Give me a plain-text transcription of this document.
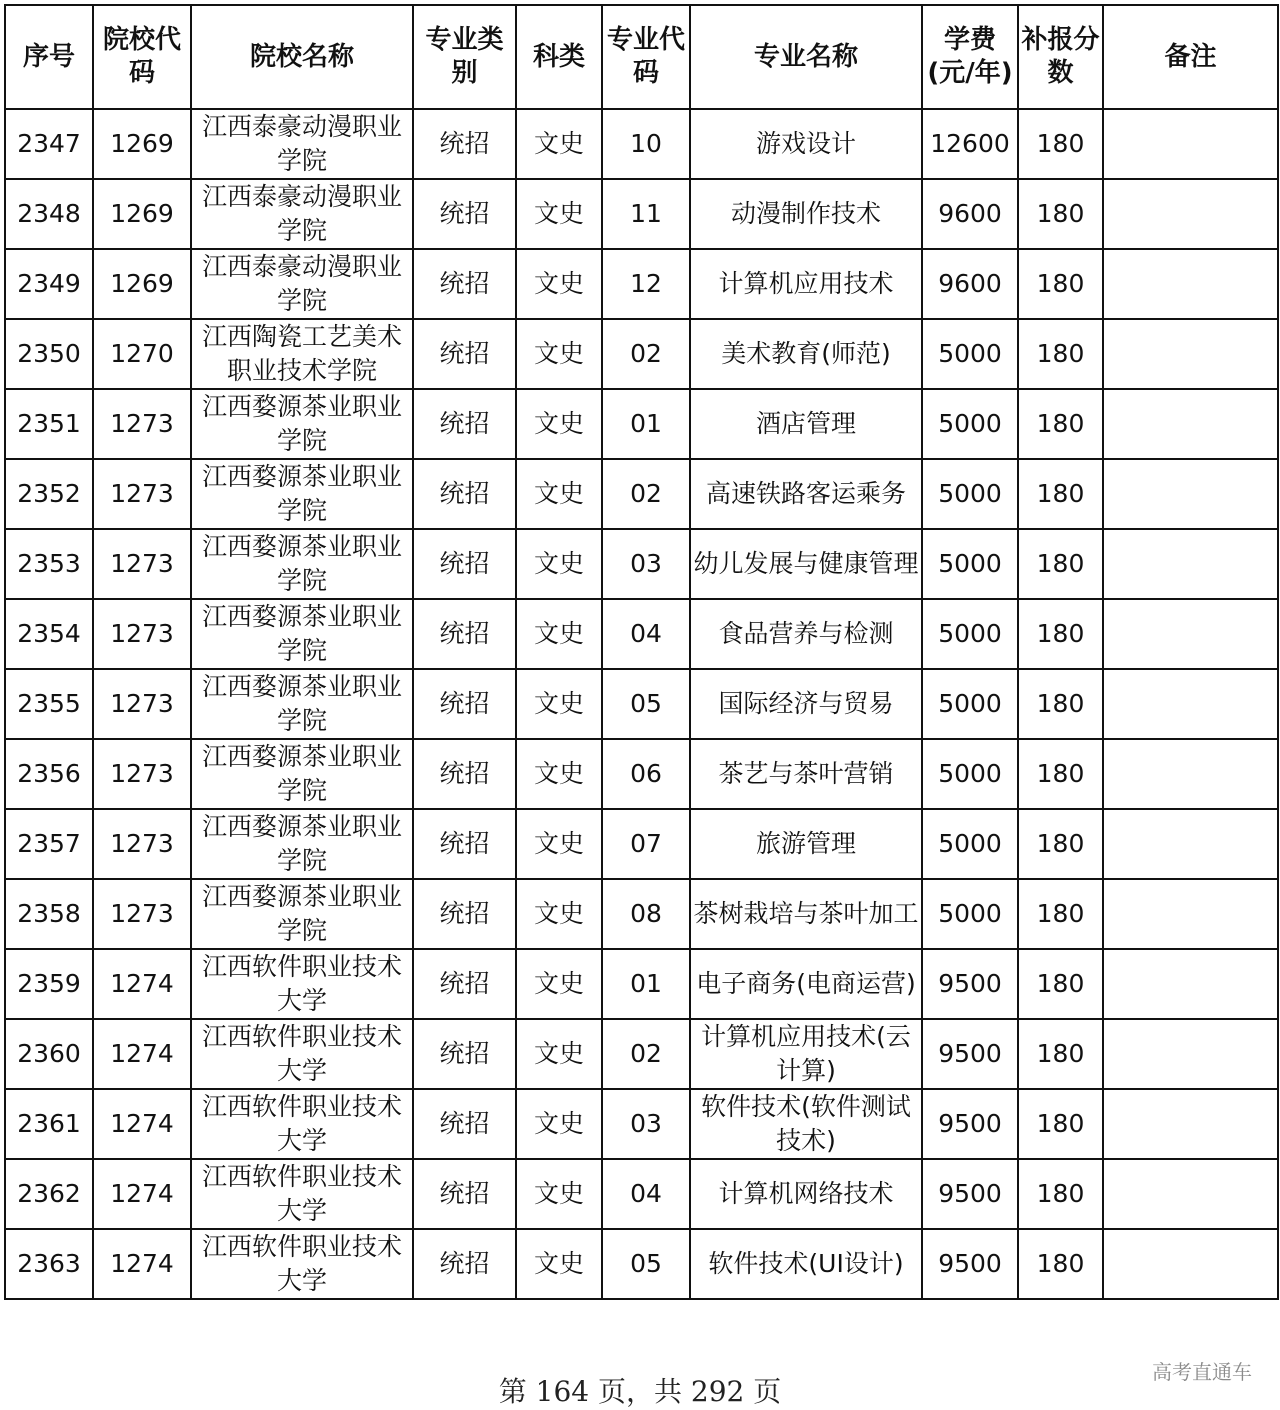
序号	院校代码	院校名称	专业类别	科类	专业代码	专业名称	学费(元/年)	补报分数	备注
2347	1269	江西泰豪动漫职业学院	统招	文史	10	游戏设计	12600	180	
2348	1269	江西泰豪动漫职业学院	统招	文史	11	动漫制作技术	9600	180	
2349	1269	江西泰豪动漫职业学院	统招	文史	12	计算机应用技术	9600	180	
2350	1270	江西陶瓷工艺美术职业技术学院	统招	文史	02	美术教育(师范)	5000	180	
2351	1273	江西婺源茶业职业学院	统招	文史	01	酒店管理	5000	180	
2352	1273	江西婺源茶业职业学院	统招	文史	02	高速铁路客运乘务	5000	180	
2353	1273	江西婺源茶业职业学院	统招	文史	03	幼儿发展与健康管理	5000	180	
2354	1273	江西婺源茶业职业学院	统招	文史	04	食品营养与检测	5000	180	
2355	1273	江西婺源茶业职业学院	统招	文史	05	国际经济与贸易	5000	180	
2356	1273	江西婺源茶业职业学院	统招	文史	06	茶艺与茶叶营销	5000	180	
2357	1273	江西婺源茶业职业学院	统招	文史	07	旅游管理	5000	180	
2358	1273	江西婺源茶业职业学院	统招	文史	08	茶树栽培与茶叶加工	5000	180	
2359	1274	江西软件职业技术大学	统招	文史	01	电子商务(电商运营)	9500	180	
2360	1274	江西软件职业技术大学	统招	文史	02	计算机应用技术(云计算)	9500	180	
2361	1274	江西软件职业技术大学	统招	文史	03	软件技术(软件测试技术)	9500	180	
2362	1274	江西软件职业技术大学	统招	文史	04	计算机网络技术	9500	180	
2363	1274	江西软件职业技术大学	统招	文史	05	软件技术(UI设计)	9500	180	
第 164 页，共 292 页
高考直通车
